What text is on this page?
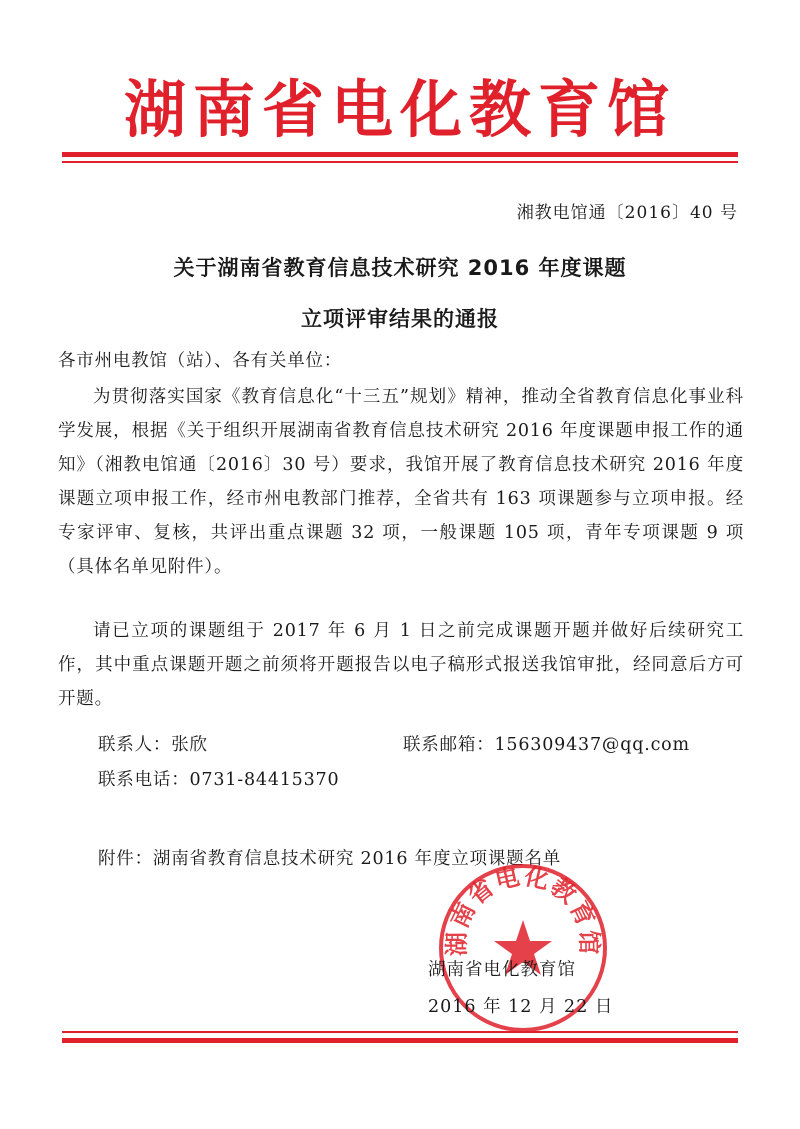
湖南省电化教育馆
湘教电馆通〔2016〕40 号
关于湖南省教育信息技术研究 2016 年度课题
立项评审结果的通报
各市州电教馆（站）、各有关单位：
为贯彻落实国家《教育信息化“十三五”规划》精神，推动全省教育信息化事业科学发展，根据《关于组织开展湖南省教育信息技术研究 2016 年度课题申报工作的通知》（湘教电馆通〔2016〕30 号）要求，我馆开展了教育信息技术研究 2016 年度课题立项申报工作，经市州电教部门推荐，全省共有 163 项课题参与立项申报。经专家评审、复核，共评出重点课题 32 项，一般课题 105 项，青年专项课题 9 项（具体名单见附件）。
请已立项的课题组于 2017 年 6 月 1 日之前完成课题开题并做好后续研究工作，其中重点课题开题之前须将开题报告以电子稿形式报送我馆审批，经同意后方可开题。
联系人：张欣	联系邮箱：156309437@qq.com
联系电话：0731-84415370
附件：湖南省教育信息技术研究 2016 年度立项课题名单
湖南省电化教育馆
湖南省电化教育馆
2016 年 12 月 22 日
